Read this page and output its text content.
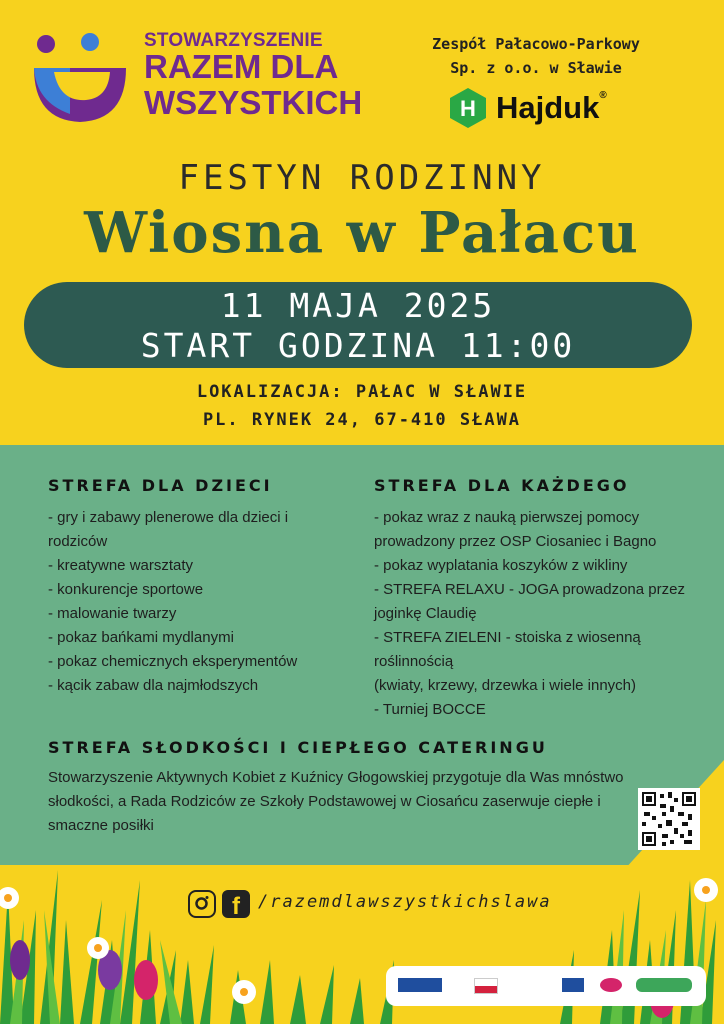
STOWARZYSZENIE
RAZEM DLA
WSZYSTKICH
Zespół Pałacowo-Parkowy
Sp. z o.o. w Sławie
H Hajduk®
FESTYN RODZINNY
Wiosna w Pałacu
11 MAJA 2025
START GODZINA 11:00
LOKALIZACJA: PAŁAC W SŁAWIE
PL. RYNEK 24, 67-410 SŁAWA
STREFA DLA DZIECI
- gry i zabawy plenerowe dla dzieci i rodziców
- kreatywne warsztaty
- konkurencje sportowe
- malowanie twarzy
- pokaz bańkami mydlanymi
- pokaz chemicznych eksperymentów
- kącik zabaw dla najmłodszych
STREFA DLA KAŻDEGO
- pokaz wraz z nauką pierwszej pomocy prowadzony przez OSP Ciosaniec i Bagno
- pokaz wyplatania koszyków z wikliny
- STREFA RELAXU - JOGA prowadzona przez joginkę Claudię
- STREFA ZIELENI - stoiska z wiosenną roślinnością
(kwiaty, krzewy, drzewka i wiele innych)
- Turniej BOCCE
STREFA SŁODKOŚCI I CIEPŁEGO CATERINGU
Stowarzyszenie Aktywnych Kobiet z Kuźnicy Głogowskiej przygotuje dla Was mnóstwo słodkości, a Rada Rodziców ze Szkoły Podstawowej w Ciosańcu zaserwuje ciepłe i smaczne posiłki
f	/razemdlawszystkichslawa
